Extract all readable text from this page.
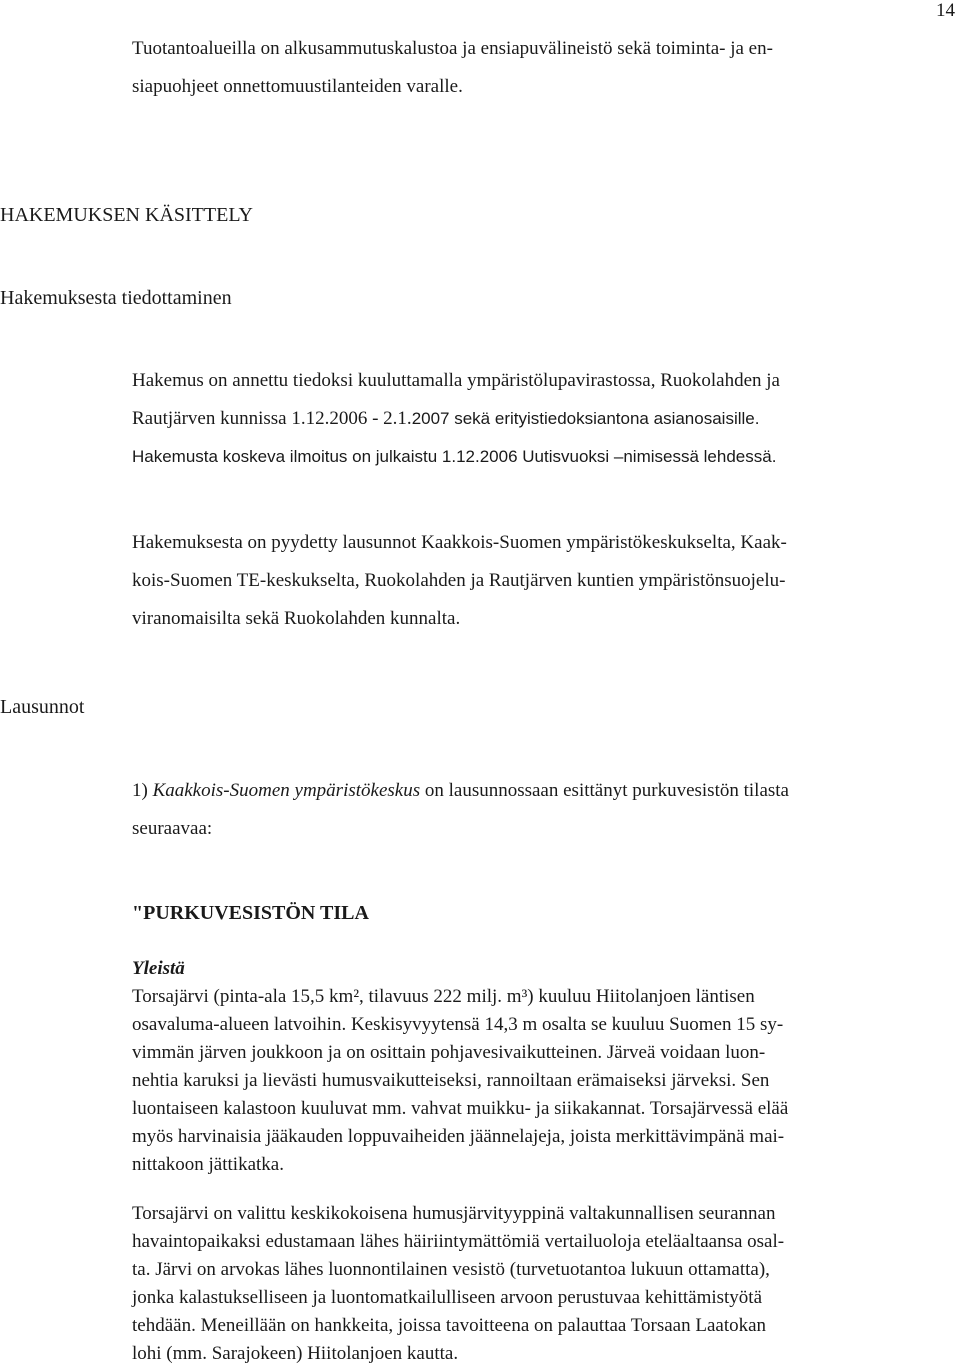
14
Tuotantoalueilla on alkusammutuskalustoa ja ensiapuvälineistö sekä toiminta- ja en-
siapuohjeet onnettomuustilanteiden varalle.
HAKEMUKSEN KÄSITTELY
Hakemuksesta tiedottaminen
Hakemus on annettu tiedoksi kuuluttamalla ympäristölupavirastossa, Ruokolahden ja
Rautjärven kunnissa 1.12.2006 - 2.1.2007 sekä erityistiedoksiantona asianosaisille.
Hakemusta koskeva ilmoitus on julkaistu 1.12.2006 Uutisvuoksi –nimisessä lehdessä.
Hakemuksesta on pyydetty lausunnot Kaakkois-Suomen ympäristökeskukselta, Kaak-
kois-Suomen TE-keskukselta, Ruokolahden ja Rautjärven kuntien ympäristönsuojelu-
viranomaisilta sekä Ruokolahden kunnalta.
Lausunnot
1) Kaakkois-Suomen ympäristökeskus on lausunnossaan esittänyt purkuvesistön tilasta
seuraavaa:
"PURKUVESISTÖN TILA
Yleistä
Torsajärvi (pinta-ala 15,5 km², tilavuus 222 milj. m³) kuuluu Hiitolanjoen läntisen
osavaluma-alueen latvoihin. Keskisyvyytensä 14,3 m osalta se kuuluu Suomen 15 sy-
vimmän järven joukkoon ja on osittain pohjavesivaikutteinen. Järveä voidaan luon-
nehtia karuksi ja lievästi humusvaikutteiseksi, rannoiltaan erämaiseksi järveksi. Sen
luontaiseen kalastoon kuuluvat mm. vahvat muikku- ja siikakannat. Torsajärvessä elää
myös harvinaisia jääkauden loppuvaiheiden jäännelajeja, joista merkittävimpänä mai-
nittakoon jättikatka.
Torsajärvi on valittu keskikokoisena humusjärvityyppinä valtakunnallisen seurannan
havaintopaikaksi edustamaan lähes häiriintymättömiä vertailuoloja eteläaltaansa osal-
ta. Järvi on arvokas lähes luonnontilainen vesistö (turvetuotantoa lukuun ottamatta),
jonka kalastukselliseen ja luontomatkailulliseen arvoon perustuvaa kehittämistyötä
tehdään. Meneillään on hankkeita, joissa tavoitteena on palauttaa Torsaan Laatokan
lohi (mm. Sarajokeen) Hiitolanjoen kautta.
